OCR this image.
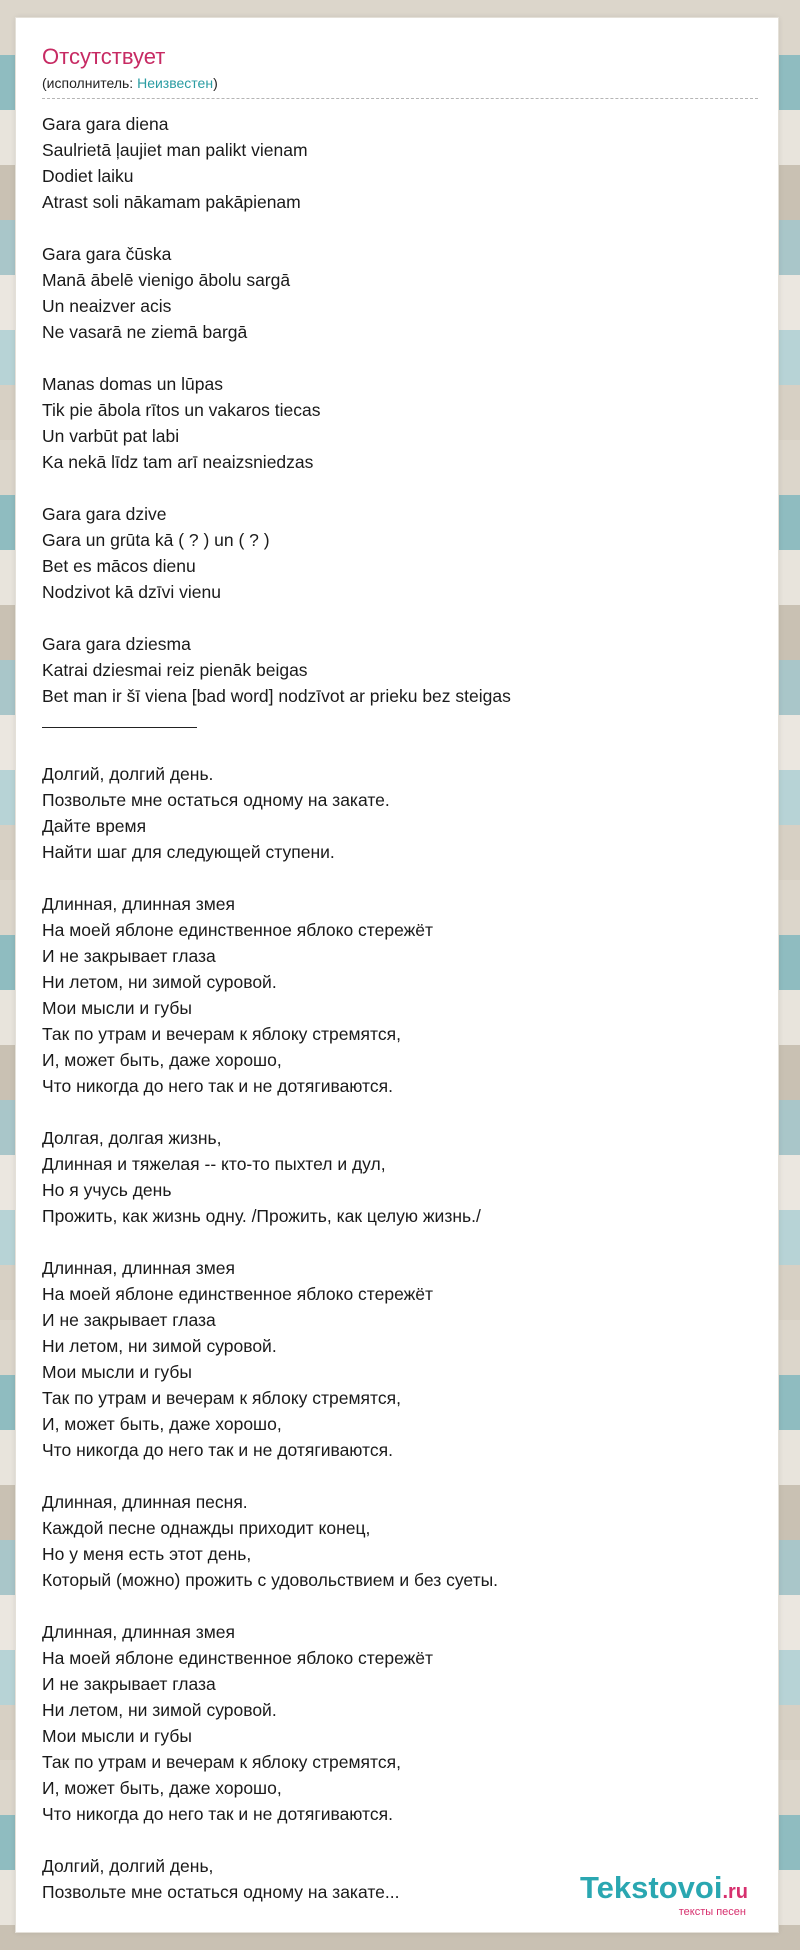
Отсутствует
(исполнитель: Неизвестен)
Gara gara diena
Saulrietā ļaujiet man palikt vienam
Dodiet laiku
Atrast soli nākamam pakāpienam
Gara gara čūska
Manā ābelē vienigo ābolu sargā
Un neaizver acis
Ne vasarā ne ziemā bargā
Manas domas un lūpas
Tik pie ābola rītos un vakaros tiecas
Un varbūt pat labi
Ka nekā līdz tam arī neaizsniedzas
Gara gara dzive
Gara un grūta kā ( ? ) un ( ? )
Bet es mācos dienu
Nodzivot kā dzīvi vienu
Gara gara dziesma
Katrai dziesmai reiz pienāk beigas
Bet man ir šī viena [bad word] nodzīvot ar prieku bez steigas
Долгий, долгий день.
Позвольте мне остаться одному на закате.
Дайте время
Найти шаг для следующей ступени.
Длинная, длинная змея
На моей яблоне единственное яблоко стережёт
И не закрывает глаза
Ни летом, ни зимой суровой.
Мои мысли и губы
Так по утрам и вечерам к яблоку стремятся,
И, может быть, даже хорошо,
Что никогда до него так и не дотягиваются.
Долгая, долгая жизнь,
Длинная и тяжелая -- кто-то пыхтел и дул,
Но я учусь день
Прожить, как жизнь одну. /Прожить, как целую жизнь./
Длинная, длинная змея
На моей яблоне единственное яблоко стережёт
И не закрывает глаза
Ни летом, ни зимой суровой.
Мои мысли и губы
Так по утрам и вечерам к яблоку стремятся,
И, может быть, даже хорошо,
Что никогда до него так и не дотягиваются.
Длинная, длинная песня.
Каждой песне однажды приходит конец,
Но у меня есть этот день,
Который (можно) прожить с удовольствием и без суеты.
Длинная, длинная змея
На моей яблоне единственное яблоко стережёт
И не закрывает глаза
Ни летом, ни зимой суровой.
Мои мысли и губы
Так по утрам и вечерам к яблоку стремятся,
И, может быть, даже хорошо,
Что никогда до него так и не дотягиваются.
Долгий, долгий день,
Позвольте мне остаться одному на закате...	Tekstovoi.ru
тексты песен
